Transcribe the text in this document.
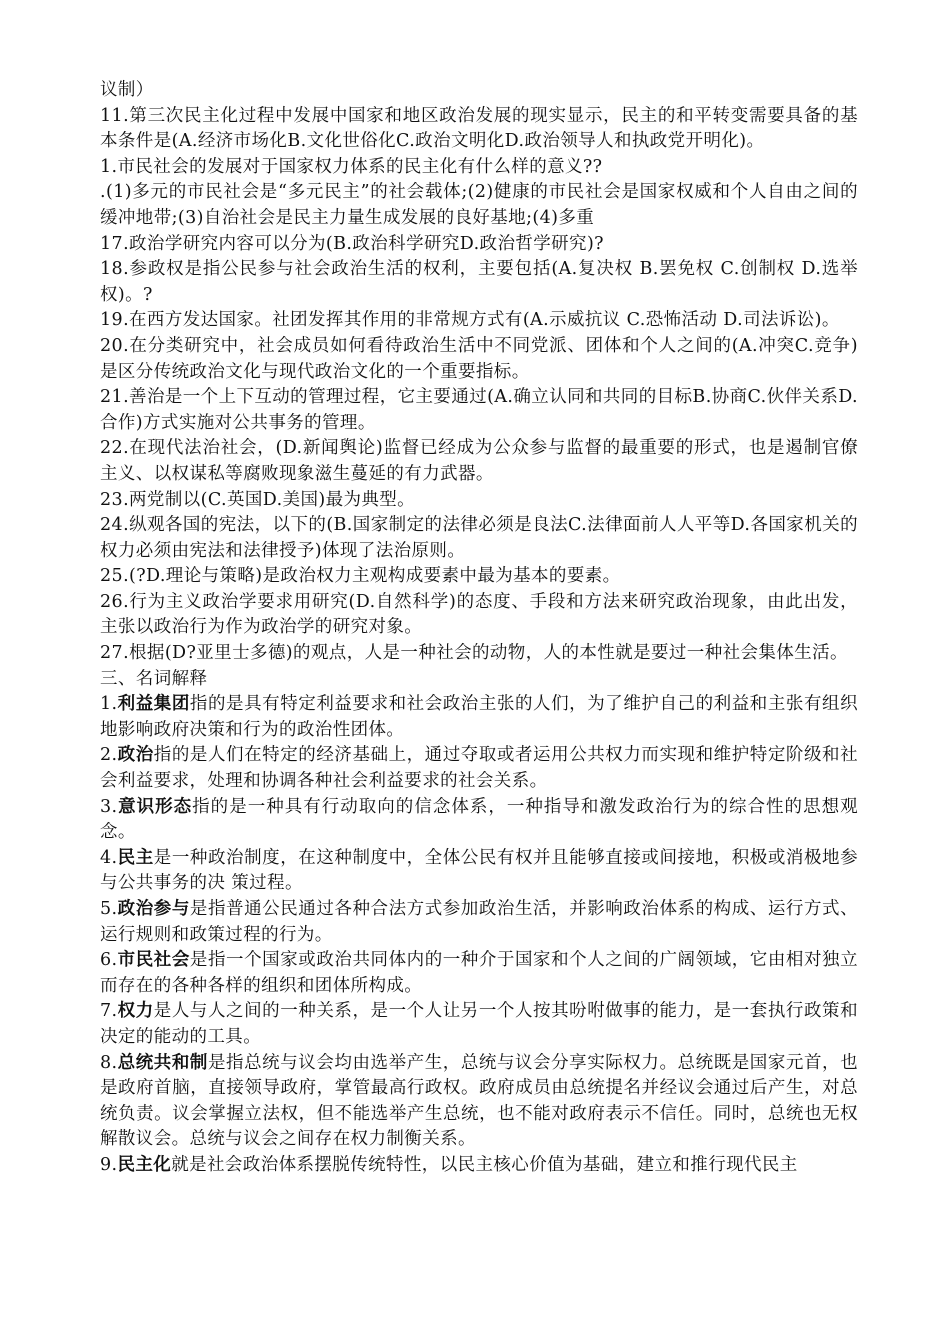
议制）

11.第三次民主化过程中发展中国家和地区政治发展的现实显示，民主的和平转变需要具备的基本条件是(A.经济市场化B.文化世俗化C.政治文明化D.政治领导人和执政党开明化)。

1.市民社会的发展对于国家权力体系的民主化有什么样的意义??

.(1)多元的市民社会是“多元民主”的社会载体;(2)健康的市民社会是国家权威和个人自由之间的缓冲地带;(3)自治社会是民主力量生成发展的良好基地;(4)多重

17.政治学研究内容可以分为(B.政治科学研究D.政治哲学研究)?

18.参政权是指公民参与社会政治生活的权利，主要包括(A.复决权 B.罢免权 C.创制权 D.选举权)。?

19.在西方发达国家。社团发挥其作用的非常规方式有(A.示威抗议 C.恐怖活动 D.司法诉讼)。

20.在分类研究中，社会成员如何看待政治生活中不同党派、团体和个人之间的(A.冲突C.竞争)是区分传统政治文化与现代政治文化的一个重要指标。

21.善治是一个上下互动的管理过程，它主要通过(A.确立认同和共同的目标B.协商C.伙伴关系D.合作)方式实施对公共事务的管理。

22.在现代法治社会，(D.新闻舆论)监督已经成为公众参与监督的最重要的形式，也是遏制官僚主义、以权谋私等腐败现象滋生蔓延的有力武器。

23.两党制以(C.英国D.美国)最为典型。

24.纵观各国的宪法，以下的(B.国家制定的法律必须是良法C.法律面前人人平等D.各国家机关的权力必须由宪法和法律授予)体现了法治原则。

25.(?D.理论与策略)是政治权力主观构成要素中最为基本的要素。

26.行为主义政治学要求用研究(D.自然科学)的态度、手段和方法来研究政治现象，由此出发，主张以政治行为作为政治学的研究对象。

27.根据(D?亚里士多德)的观点，人是一种社会的动物，人的本性就是要过一种社会集体生活。

三、名词解释

1.利益集团指的是具有特定利益要求和社会政治主张的人们，为了维护自己的利益和主张有组织地影响政府决策和行为的政治性团体。

2.政治指的是人们在特定的经济基础上，通过夺取或者运用公共权力而实现和维护特定阶级和社会利益要求，处理和协调各种社会利益要求的社会关系。

3.意识形态指的是一种具有行动取向的信念体系，一种指导和激发政治行为的综合性的思想观念。

4.民主是一种政治制度，在这种制度中，全体公民有权并且能够直接或间接地，积极或消极地参与公共事务的决 策过程。

5.政治参与是指普通公民通过各种合法方式参加政治生活，并影响政治体系的构成、运行方式、运行规则和政策过程的行为。

6.市民社会是指一个国家或政治共同体内的一种介于国家和个人之间的广阔领域，它由相对独立而存在的各种各样的组织和团体所构成。

7.权力是人与人之间的一种关系，是一个人让另一个人按其吩咐做事的能力，是一套执行政策和决定的能动的工具。

8.总统共和制是指总统与议会均由选举产生，总统与议会分享实际权力。总统既是国家元首，也是政府首脑，直接领导政府，掌管最高行政权。政府成员由总统提名并经议会通过后产生，对总统负责。议会掌握立法权，但不能选举产生总统，也不能对政府表示不信任。同时，总统也无权解散议会。总统与议会之间存在权力制衡关系。

9.民主化就是社会政治体系摆脱传统特性，以民主核心价值为基础，建立和推行现代民主
